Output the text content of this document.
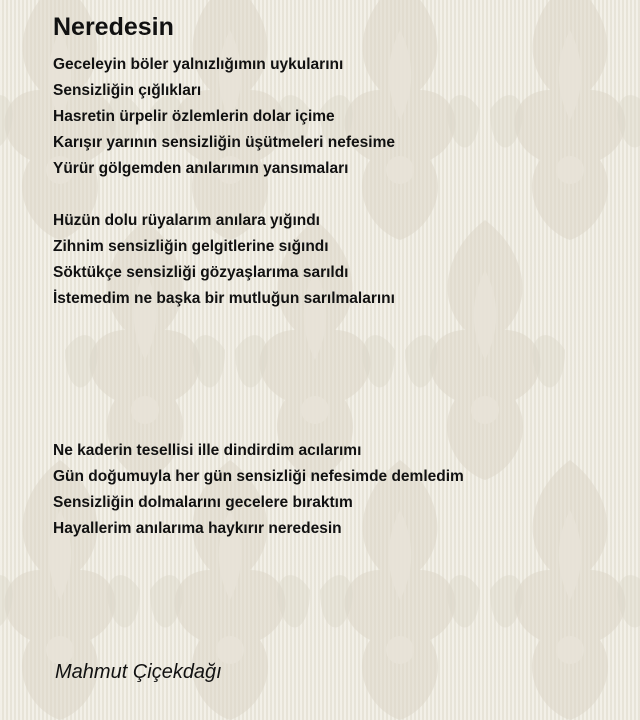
Neredesin
Geceleyin böler yalnızlığımın uykularını
Sensizliğin çığlıkları
Hasretin ürpelir özlemlerin dolar içime
Karışır yarının sensizliğin üşütmeleri nefesime
Yürür gölgemden anılarımın yansımaları
Hüzün dolu rüyalarım anılara yığındı
Zihnim sensizliğin gelgitlerine sığındı
Söktükçe sensizliği gözyaşlarıma sarıldı
İstemedim ne başka bir mutluğun sarılmalarını
Ne kaderin tesellisi ille dindirdim acılarımı
Gün doğumuyla her gün sensizliği nefesimde demledim
Sensizliğin dolmalarını gecelere bıraktım
Hayallerim anılarıma haykırır neredesin
Mahmut Çiçekdağı
